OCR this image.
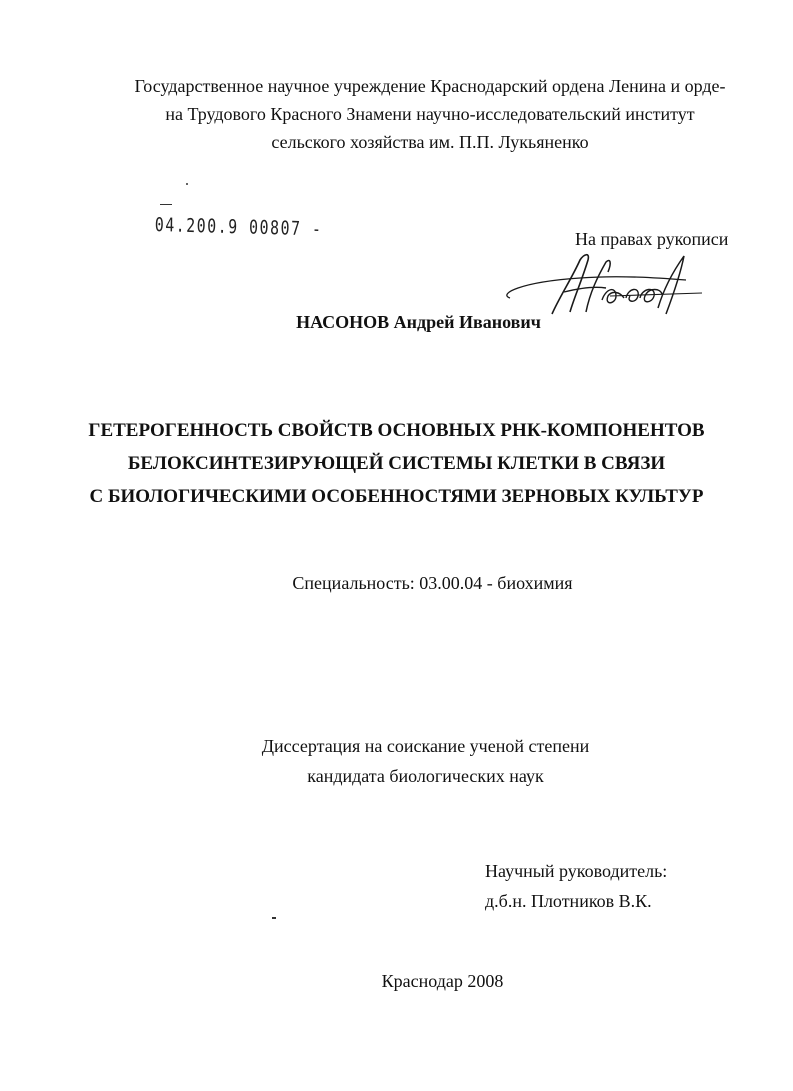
Государственное научное учреждение Краснодарский ордена Ленина и орде-
на Трудового Красного Знамени научно-исследовательский институт
сельского хозяйства им. П.П. Лукьяненко
04.200.9 00807 -	На правах рукописи
НАСОНОВ Андрей Иванович
ГЕТЕРОГЕННОСТЬ СВОЙСТВ ОСНОВНЫХ РНК-КОМПОНЕНТОВ
БЕЛОКСИНТЕЗИРУЮЩЕЙ СИСТЕМЫ КЛЕТКИ В СВЯЗИ
С БИОЛОГИЧЕСКИМИ ОСОБЕННОСТЯМИ ЗЕРНОВЫХ КУЛЬТУР
Специальность: 03.00.04 - биохимия
Диссертация на соискание ученой степени
кандидата биологических наук
Научный руководитель:
д.б.н. Плотников В.К.
Краснодар 2008
